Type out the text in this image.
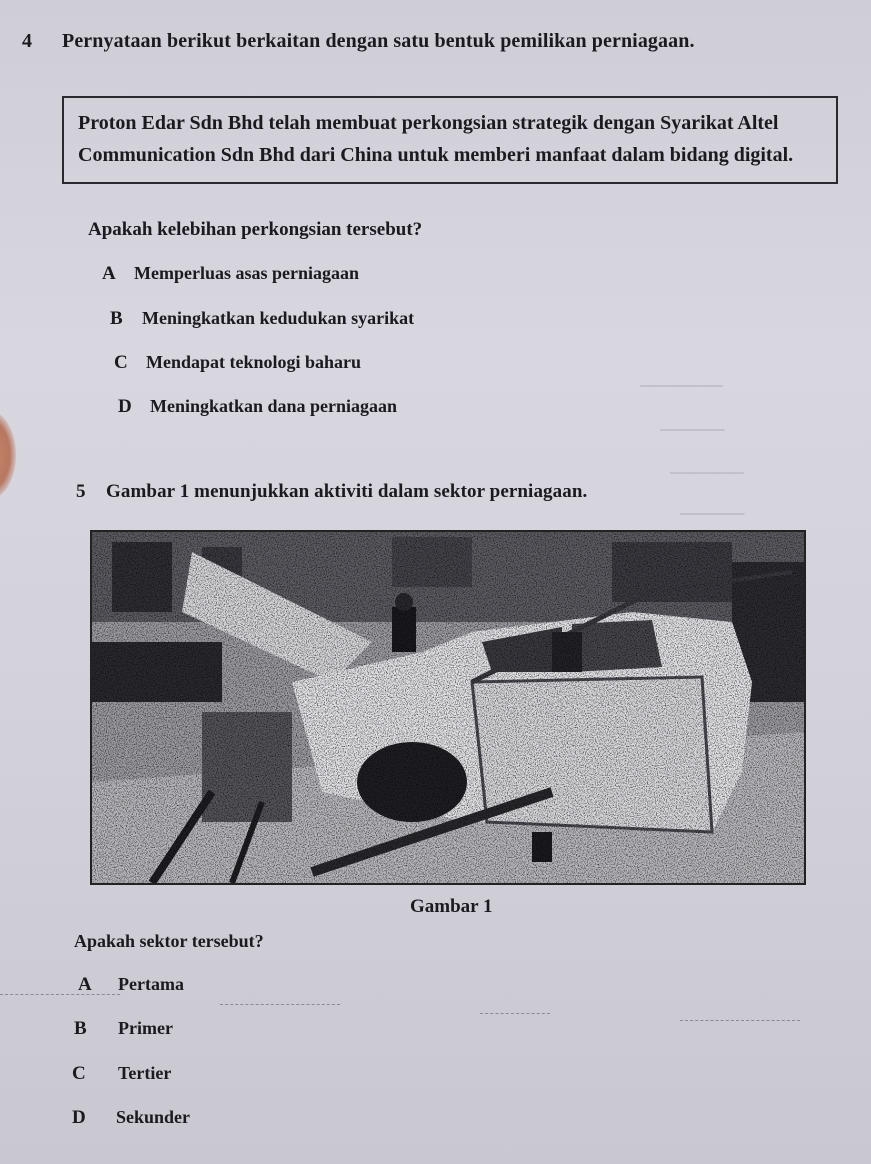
─────────
───────
────────
───────
4 Pernyataan berikut berkaitan dengan satu bentuk pemilikan perniagaan.
Proton Edar Sdn Bhd telah membuat perkongsian strategik dengan Syarikat Altel
Communication Sdn Bhd dari China untuk memberi manfaat dalam bidang digital.
Apakah kelebihan perkongsian tersebut?
A Memperluas asas perniagaan
B Meningkatkan kedudukan syarikat
C Mendapat teknologi baharu
D Meningkatkan dana perniagaan
5 Gambar 1 menunjukkan aktiviti dalam sektor perniagaan.
Gambar 1
Apakah sektor tersebut?
A Pertama
B Primer
C Tertier
D Sekunder
